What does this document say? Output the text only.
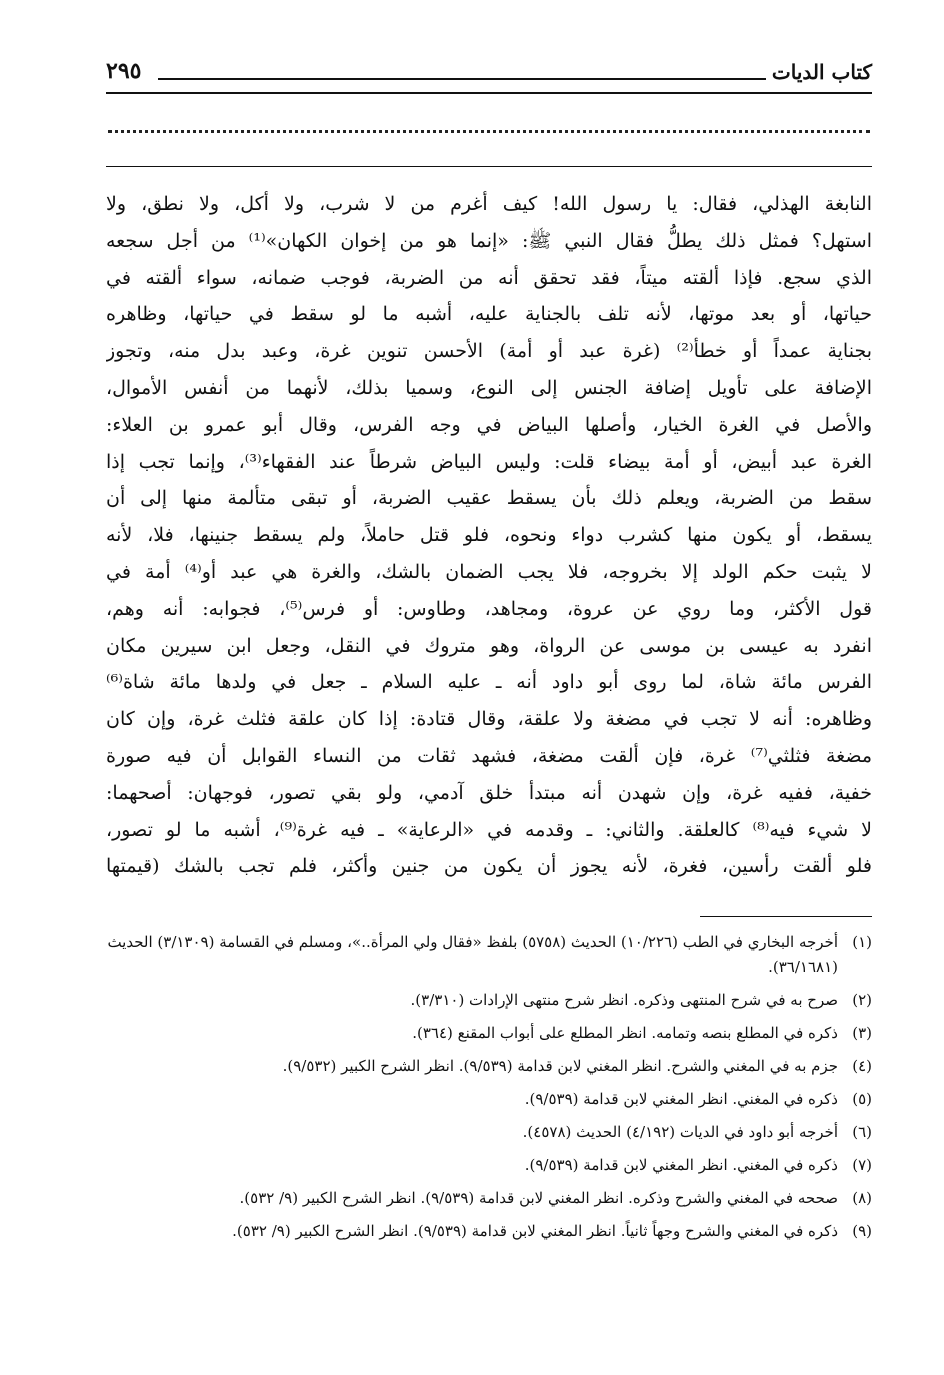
كتاب الديات
٢٩٥

النابغة الهذلي، فقال: يا رسول الله! كيف أغرم من لا شرب، ولا أكل، ولا نطق، ولا

استهل؟ فمثل ذلك يطلُّ فقال النبي ﷺ: «إنما هو من إخوان الكهان»⁽¹⁾ من أجل سجعه

الذي سجع. فإذا ألقته ميتاً، فقد تحقق أنه من الضربة، فوجب ضمانه، سواء ألقته في

حياتها، أو بعد موتها، لأنه تلف بالجناية عليه، أشبه ما لو سقط في حياتها، وظاهره

بجناية عمداً أو خطأ⁽²⁾ (غرة عبد أو أمة) الأحسن تنوين غرة، وعبد بدل منه، وتجوز

الإضافة على تأويل إضافة الجنس إلى النوع، وسميا بذلك، لأنهما من أنفس الأموال،

والأصل في الغرة الخيار، وأصلها البياض في وجه الفرس، وقال أبو عمرو بن العلاء:

الغرة عبد أبيض، أو أمة بيضاء قلت: وليس البياض شرطاً عند الفقهاء⁽³⁾، وإنما تجب إذا

سقط من الضربة، ويعلم ذلك بأن يسقط عقيب الضربة، أو تبقى متألمة منها إلى أن

يسقط، أو يكون منها كشرب دواء ونحوه، فلو قتل حاملاً، ولم يسقط جنينها، فلا، لأنه

لا يثبت حكم الولد إلا بخروجه، فلا يجب الضمان بالشك، والغرة هي عبد أو⁽⁴⁾ أمة في

قول الأكثر، وما روي عن عروة، ومجاهد، وطاوس: أو فرس⁽⁵⁾، فجوابه: أنه وهم،

انفرد به عيسى بن موسى عن الرواة، وهو متروك في النقل، وجعل ابن سيرين مكان

الفرس مائة شاة، لما روى أبو داود أنه ـ عليه السلام ـ جعل في ولدها مائة شاة⁽⁶⁾

وظاهره: أنه لا تجب في مضغة ولا علقة، وقال قتادة: إذا كان علقة فثلث غرة، وإن كان

مضغة فثلثي⁽⁷⁾ غرة، فإن ألقت مضغة، فشهد ثقات من النساء القوابل أن فيه صورة

خفية، ففيه غرة، وإن شهدن أنه مبتدأ خلق آدمي، ولو بقي تصور، فوجهان: أصحهما:

لا شيء فيه⁽⁸⁾ كالعلقة. والثاني: ـ وقدمه في «الرعاية» ـ فيه غرة⁽⁹⁾، أشبه ما لو تصور،

فلو ألقت رأسين، فغرة، لأنه يجوز أن يكون من جنين وأكثر، فلم تجب بالشك (قيمتها

(١)
أخرجه البخاري في الطب (١٠/٢٢٦) الحديث (٥٧٥٨) بلفظ «فقال ولي المرأة..»، ومسلم في القسامة (٣/١٣٠٩) الحديث (٣٦/١٦٨١).
(٢)
صرح به في شرح المنتهى وذكره. انظر شرح منتهى الإرادات (٣/٣١٠).
(٣)
ذكره في المطلع بنصه وتمامه. انظر المطلع على أبواب المقنع (٣٦٤).
(٤)
جزم به في المغني والشرح. انظر المغني لابن قدامة (٩/٥٣٩). انظر الشرح الكبير (٩/٥٣٢).
(٥)
ذكره في المغني. انظر المغني لابن قدامة (٩/٥٣٩).
(٦)
أخرجه أبو داود في الديات (٤/١٩٢) الحديث (٤٥٧٨).
(٧)
ذكره في المغني. انظر المغني لابن قدامة (٩/٥٣٩).
(٨)
صححه في المغني والشرح وذكره. انظر المغني لابن قدامة (٩/٥٣٩). انظر الشرح الكبير (٩/ ٥٣٢).
(٩)
ذكره في المغني والشرح وجهاً ثانياً. انظر المغني لابن قدامة (٩/٥٣٩). انظر الشرح الكبير (٩/ ٥٣٢).
